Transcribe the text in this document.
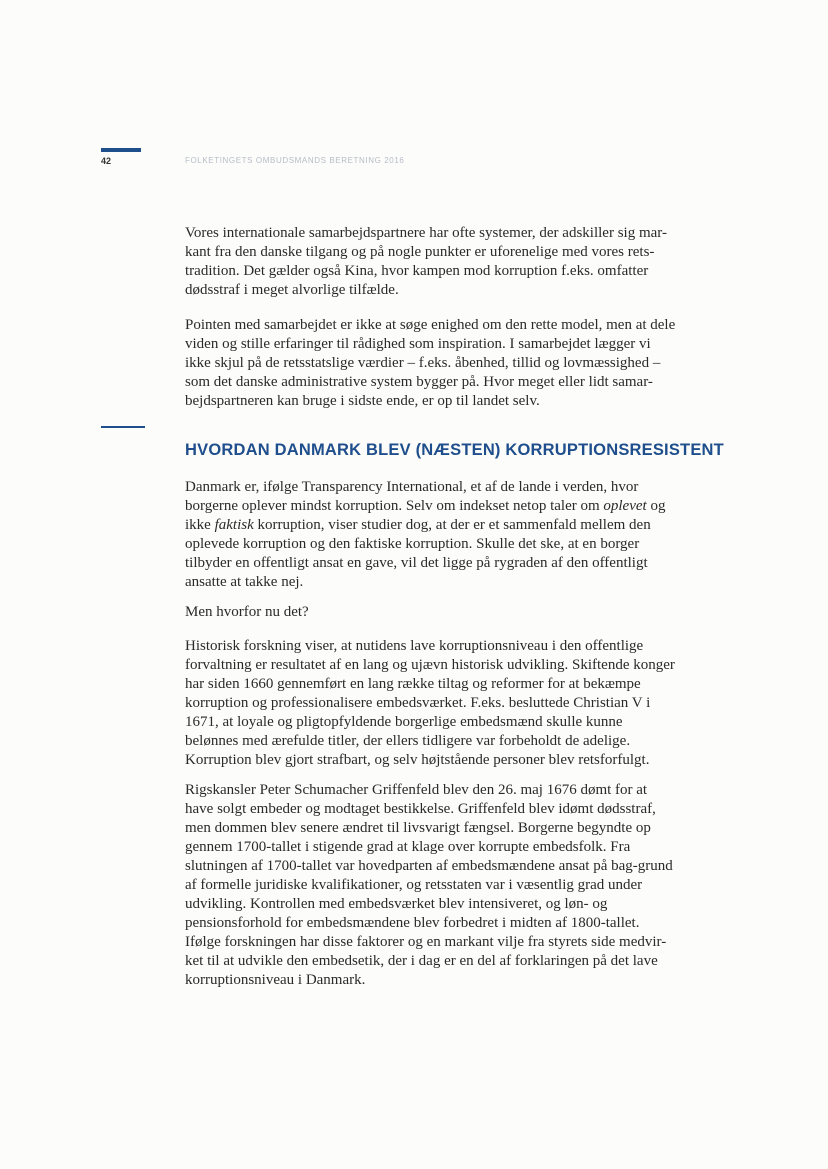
42	FOLKETINGETS OMBUDSMANDS BERETNING 2016

Vores internationale samarbejdspartnere har ofte systemer, der adskiller sig mar-kant fra den danske tilgang og på nogle punkter er uforenelige med vores rets-tradition. Det gælder også Kina, hvor kampen mod korruption f.eks. omfatter dødsstraf i meget alvorlige tilfælde.

Pointen med samarbejdet er ikke at søge enighed om den rette model, men at dele viden og stille erfaringer til rådighed som inspiration. I samarbejdet lægger vi ikke skjul på de retsstatslige værdier – f.eks. åbenhed, tillid og lovmæssighed – som det danske administrative system bygger på. Hvor meget eller lidt samar-bejdspartneren kan bruge i sidste ende, er op til landet selv.

HVORDAN DANMARK BLEV (NÆSTEN) KORRUPTIONSRESISTENT

Danmark er, ifølge Transparency International, et af de lande i verden, hvor borgerne oplever mindst korruption. Selv om indekset netop taler om oplevet og ikke faktisk korruption, viser studier dog, at der er et sammenfald mellem den oplevede korruption og den faktiske korruption. Skulle det ske, at en borger tilbyder en offentligt ansat en gave, vil det ligge på rygraden af den offentligt ansatte at takke nej.

Men hvorfor nu det?

Historisk forskning viser, at nutidens lave korruptionsniveau i den offentlige forvaltning er resultatet af en lang og ujævn historisk udvikling. Skiftende konger har siden 1660 gennemført en lang række tiltag og reformer for at bekæmpe korruption og professionalisere embedsværket. F.eks. besluttede Christian V i 1671, at loyale og pligtopfyldende borgerlige embedsmænd skulle kunne belønnes med ærefulde titler, der ellers tidligere var forbeholdt de adelige. Korruption blev gjort strafbart, og selv højtstående personer blev retsforfulgt.

Rigskansler Peter Schumacher Griffenfeld blev den 26. maj 1676 dømt for at have solgt embeder og modtaget bestikkelse. Griffenfeld blev idømt dødsstraf, men dommen blev senere ændret til livsvarigt fængsel. Borgerne begyndte op gennem 1700-tallet i stigende grad at klage over korrupte embedsfolk. Fra slutningen af 1700-tallet var hovedparten af embedsmændene ansat på bag-grund af formelle juridiske kvalifikationer, og retsstaten var i væsentlig grad under udvikling. Kontrollen med embedsværket blev intensiveret, og løn- og pensionsforhold for embedsmændene blev forbedret i midten af 1800-tallet. Ifølge forskningen har disse faktorer og en markant vilje fra styrets side medvir-ket til at udvikle den embedsetik, der i dag er en del af forklaringen på det lave korruptionsniveau i Danmark.
